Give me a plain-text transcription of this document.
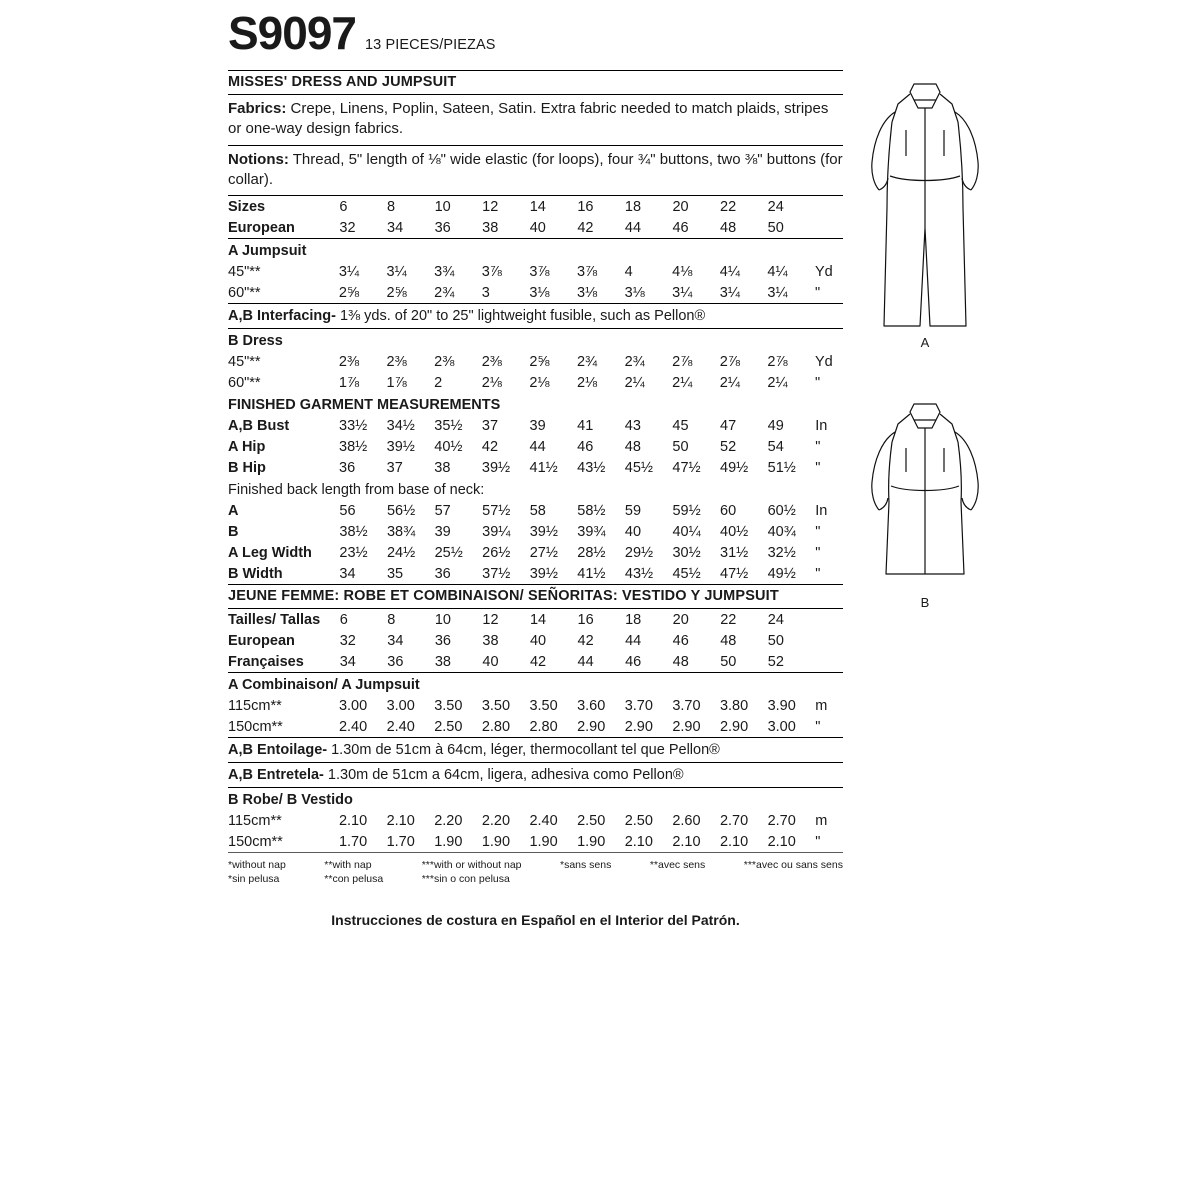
S9097 13 PIECES/PIEZAS
MISSES' DRESS AND JUMPSUIT
Fabrics: Crepe, Linens, Poplin, Sateen, Satin. Extra fabric needed to match plaids, stripes or one-way design fabrics.
Notions: Thread, 5" length of ⅛" wide elastic (for loops), four ¾" buttons, two ⅜" buttons (for collar).
Sizes	6	8	10	12	14	16	18	20	22	24	
European	32	34	36	38	40	42	44	46	48	50	
A Jumpsuit
45"**	3¼	3¼	3¾	3⅞	3⅞	3⅞	4	4⅛	4¼	4¼	Yd
60"**	2⅝	2⅝	2¾	3	3⅛	3⅛	3⅛	3¼	3¼	3¼	"
A,B Interfacing- 1⅜ yds. of 20" to 25" lightweight fusible, such as Pellon®
B Dress
45"**	2⅜	2⅜	2⅜	2⅜	2⅝	2¾	2¾	2⅞	2⅞	2⅞	Yd
60"**	1⅞	1⅞	2	2⅛	2⅛	2⅛	2¼	2¼	2¼	2¼	"
FINISHED GARMENT MEASUREMENTS
A,B Bust	33½	34½	35½	37	39	41	43	45	47	49	In
A Hip	38½	39½	40½	42	44	46	48	50	52	54	"
B Hip	36	37	38	39½	41½	43½	45½	47½	49½	51½	"
Finished back length from base of neck:
A	56	56½	57	57½	58	58½	59	59½	60	60½	In
B	38½	38¾	39	39¼	39½	39¾	40	40¼	40½	40¾	"
A Leg Width	23½	24½	25½	26½	27½	28½	29½	30½	31½	32½	"
B Width	34	35	36	37½	39½	41½	43½	45½	47½	49½	"
JEUNE FEMME: ROBE ET COMBINAISON/ SEÑORITAS: VESTIDO Y JUMPSUIT
Tailles/ Tallas	6	8	10	12	14	16	18	20	22	24	
European	32	34	36	38	40	42	44	46	48	50	
Françaises	34	36	38	40	42	44	46	48	50	52	
A Combinaison/ A Jumpsuit
115cm**	3.00	3.00	3.50	3.50	3.50	3.60	3.70	3.70	3.80	3.90	m
150cm**	2.40	2.40	2.50	2.80	2.80	2.90	2.90	2.90	2.90	3.00	"
A,B Entoilage- 1.30m de 51cm à 64cm, léger, thermocollant tel que Pellon®
A,B Entretela- 1.30m de 51cm a 64cm, ligera, adhesiva como Pellon®
B Robe/ B Vestido
115cm**	2.10	2.10	2.20	2.20	2.40	2.50	2.50	2.60	2.70	2.70	m
150cm**	1.70	1.70	1.90	1.90	1.90	1.90	2.10	2.10	2.10	2.10	"
*without nap
*sin pelusa
**with nap
**con pelusa
***with or without nap
***sin o con pelusa
*sans sens	**avec sens	***avec ou sans sens
Instrucciones de costura en Español en el Interior del Patrón.
A
B
